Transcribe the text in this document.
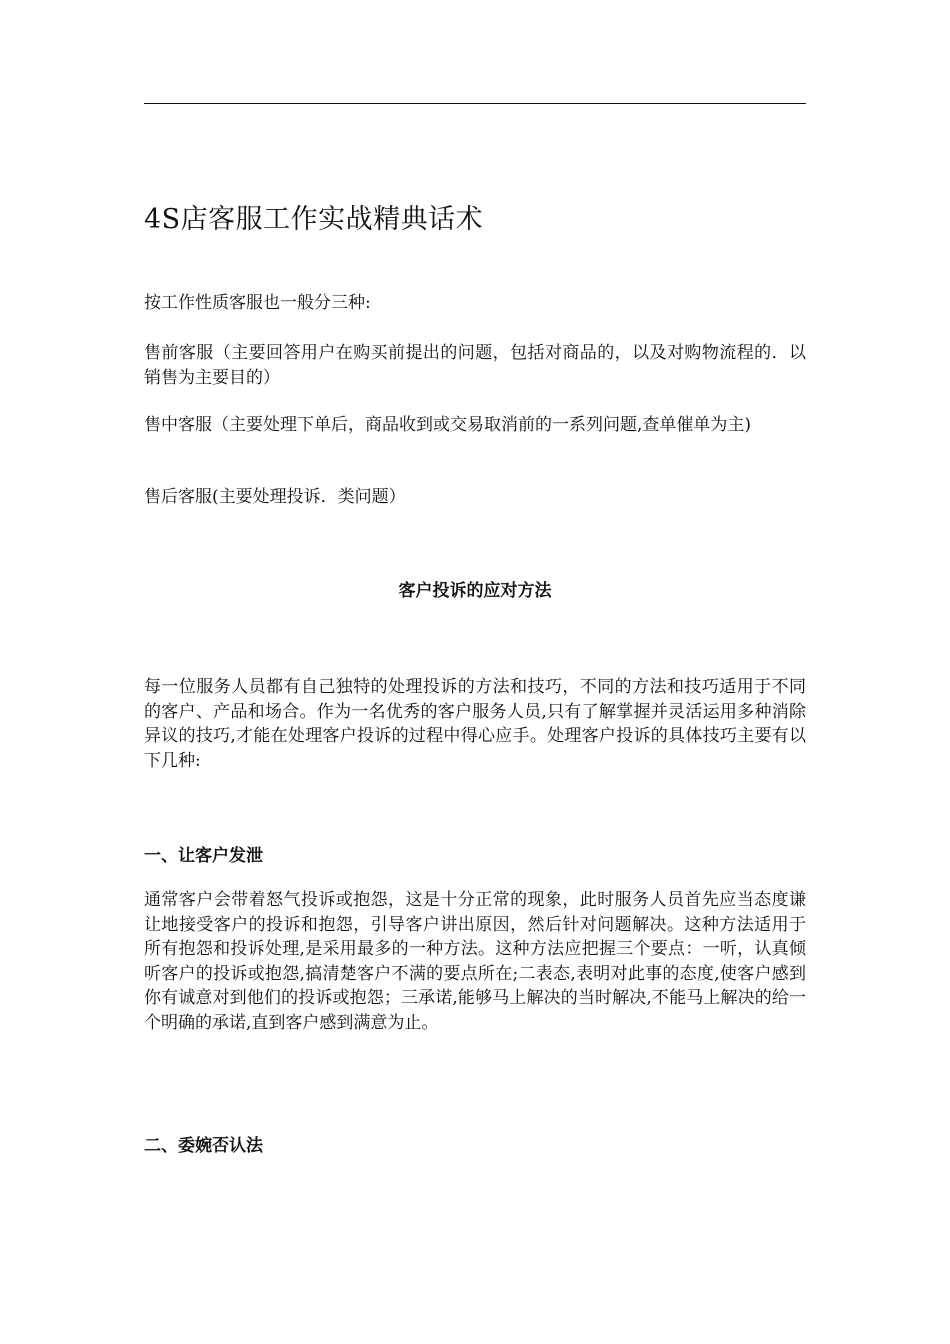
4S店客服工作实战精典话术

按工作性质客服也一般分三种:

售前客服（主要回答用户在购买前提出的问题，包括对商品的，以及对购物流程的．以销售为主要目的）

售中客服（主要处理下单后，商品收到或交易取消前的一系列问题,查单催单为主)

售后客服(主要处理投诉．类问题）

客户投诉的应对方法

每一位服务人员都有自己独特的处理投诉的方法和技巧，不同的方法和技巧适用于不同的客户、产品和场合。作为一名优秀的客户服务人员,只有了解掌握并灵活运用多种消除异议的技巧,才能在处理客户投诉的过程中得心应手。处理客户投诉的具体技巧主要有以下几种:

一、让客户发泄

通常客户会带着怒气投诉或抱怨，这是十分正常的现象，此时服务人员首先应当态度谦让地接受客户的投诉和抱怨，引导客户讲出原因，然后针对问题解决。这种方法适用于所有抱怨和投诉处理,是采用最多的一种方法。这种方法应把握三个要点：一听，认真倾听客户的投诉或抱怨,搞清楚客户不满的要点所在;二表态,表明对此事的态度,使客户感到你有诚意对到他们的投诉或抱怨；三承诺,能够马上解决的当时解决,不能马上解决的给一个明确的承诺,直到客户感到满意为止。

二、委婉否认法
